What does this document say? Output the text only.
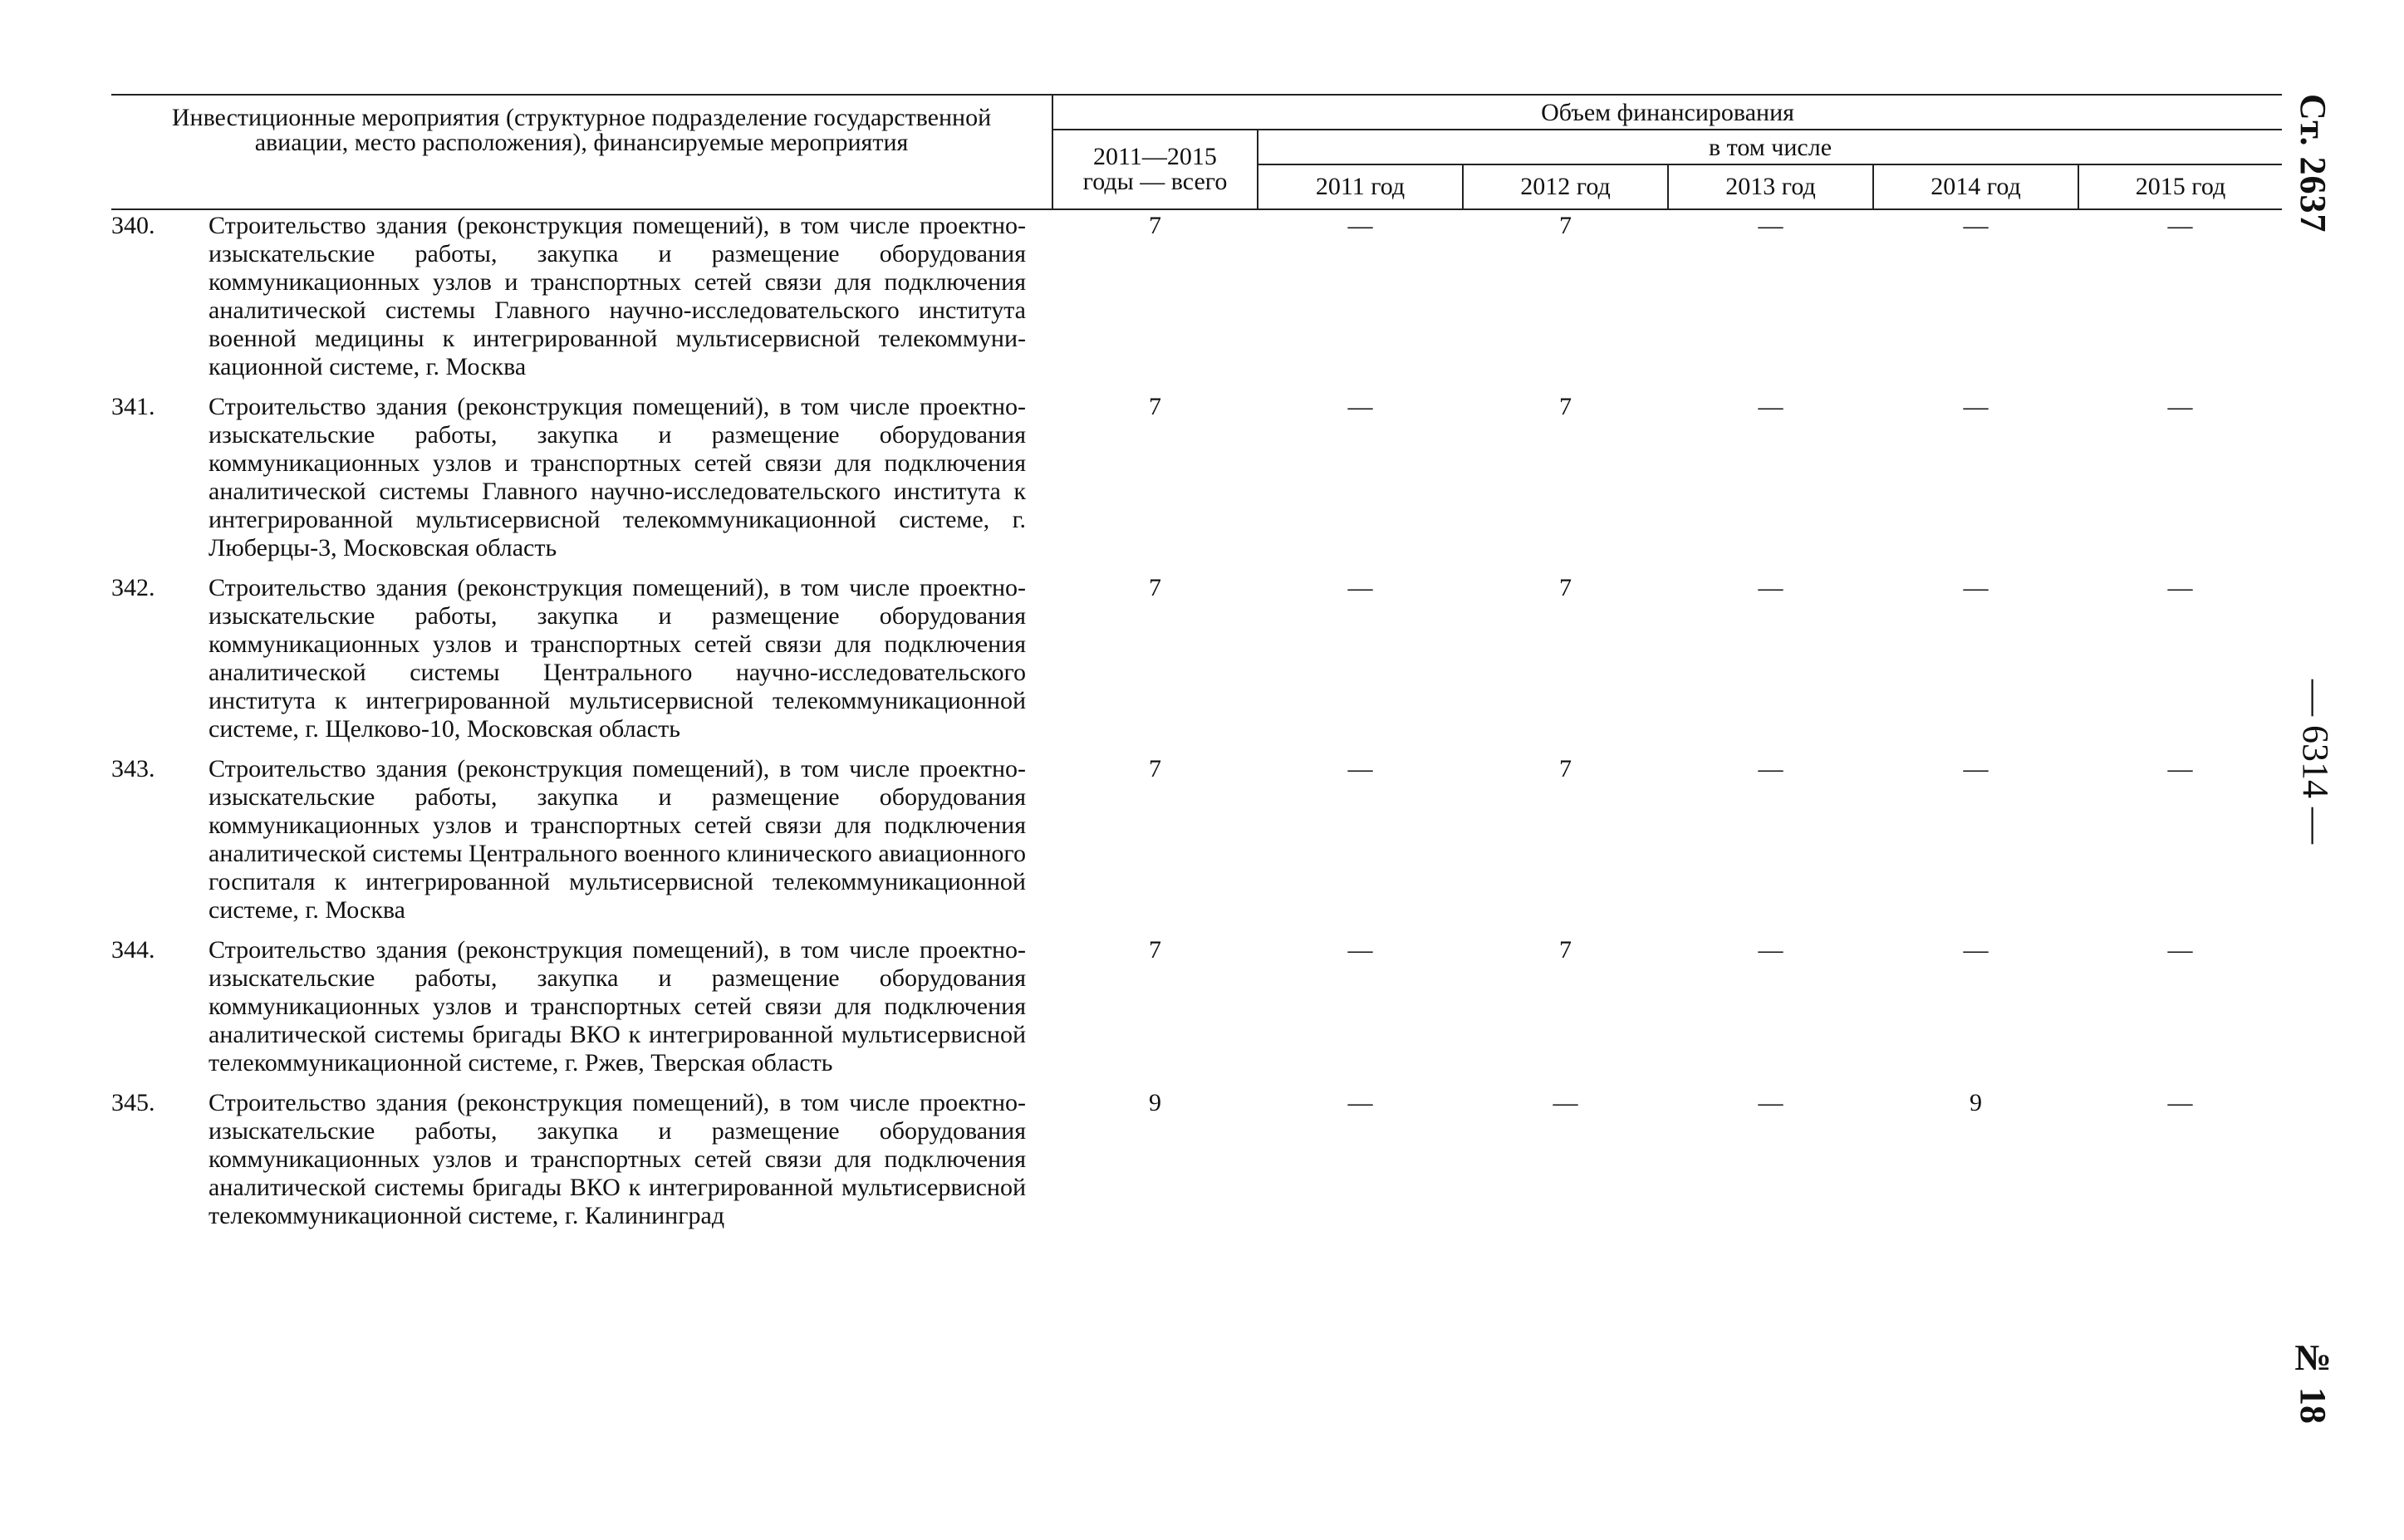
Инвестиционные мероприятия (структурное подразделение государственной авиации, место расположения), финансируемые мероприятия		Объем финансирования					
		2011—2015 годы — всего	в том числе				
			2011 год	2012 год	2013 год	2014 год	2015 год
340.	Строительство здания (реконструкция помещений), в том числе проектно-изыскательские работы, закупка и размещение оборудования коммуникационных узлов и транспортных сетей связи для подключения аналитической системы Главного научно-исследовательского института военной медицины к интегрированной мультисервисной телекоммуникационной системе, г. Москва	7	—	7	—	—	—
341.	Строительство здания (реконструкция помещений), в том числе проектно-изыскательские работы, закупка и размещение оборудования коммуникационных узлов и транспортных сетей связи для подключения аналитической системы Главного научно-исследовательского института к интегрированной мультисервисной телекоммуникационной системе, г. Люберцы-3, Московская область	7	—	7	—	—	—
342.	Строительство здания (реконструкция помещений), в том числе проектно-изыскательские работы, закупка и размещение оборудования коммуникационных узлов и транспортных сетей связи для подключения аналитической системы Центрального научно-исследовательского института к интегрированной мультисервисной телекоммуникационной системе, г. Щелково-10, Московская область	7	—	7	—	—	—
343.	Строительство здания (реконструкция помещений), в том числе проектно-изыскательские работы, закупка и размещение оборудования коммуникационных узлов и транспортных сетей связи для подключения аналитической системы Центрального военного клинического авиационного госпиталя к интегрированной мультисервисной телекоммуникационной системе, г. Москва	7	—	7	—	—	—
344.	Строительство здания (реконструкция помещений), в том числе проектно-изыскательские работы, закупка и размещение оборудования коммуникационных узлов и транспортных сетей связи для подключения аналитической системы бригады ВКО к интегрированной мультисервисной телекоммуникационной системе, г. Ржев, Тверская область	7	—	7	—	—	—
345.	Строительство здания (реконструкция помещений), в том числе проектно-изыскательские работы, закупка и размещение оборудования коммуникационных узлов и транспортных сетей связи для подключения аналитической системы бригады ВКО к интегрированной мультисервисной телекоммуникационной системе, г. Калининград	9	—	—	—	9	—
Ст. 2637
— 6314 —
№ 18
